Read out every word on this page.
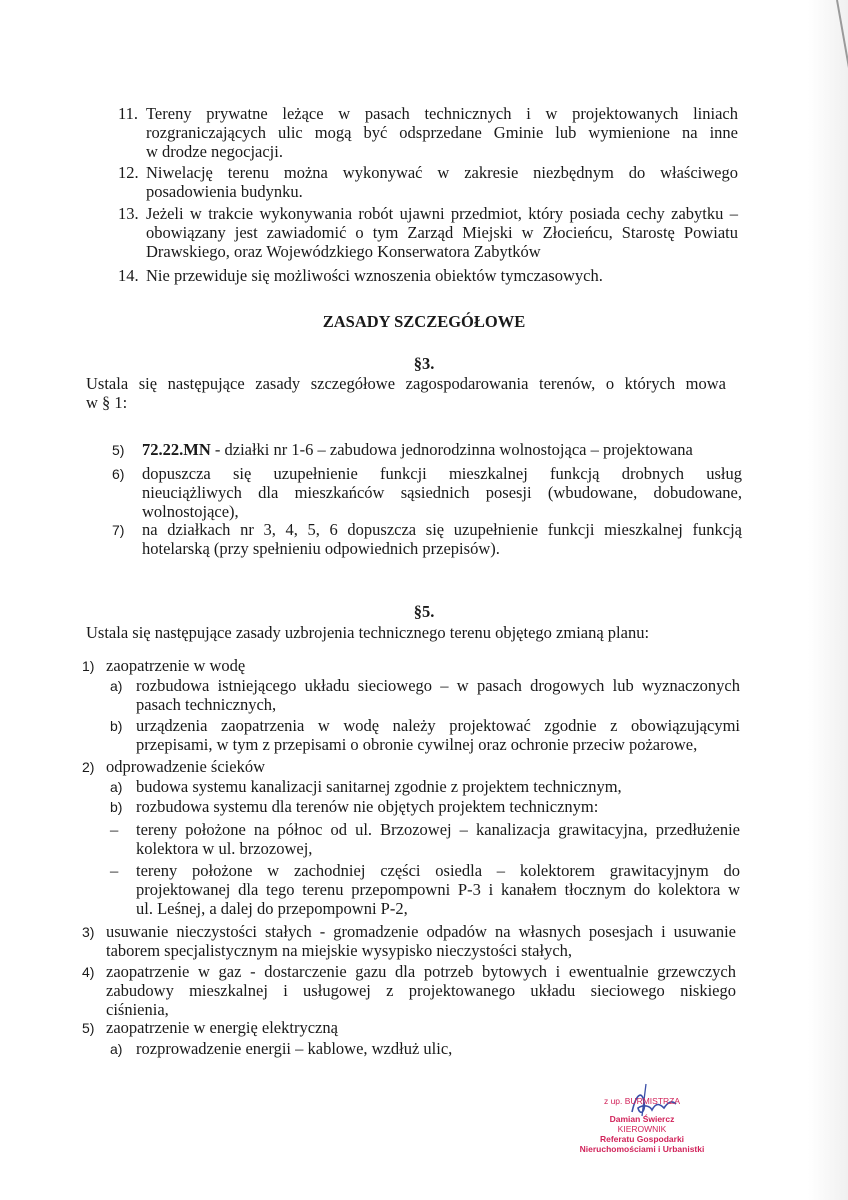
11. Tereny prywatne leżące w pasach technicznych i w projektowanych liniach
rozgraniczających ulic mogą być odsprzedane Gminie lub wymienione na inne
w drodze negocjacji.
12. Niwelację terenu można wykonywać w zakresie niezbędnym do właściwego
posadowienia budynku.
13. Jeżeli w trakcie wykonywania robót ujawni przedmiot, który posiada cechy zabytku –
obowiązany jest zawiadomić o tym Zarząd Miejski w Złocieńcu, Starostę Powiatu
Drawskiego, oraz Wojewódzkiego Konserwatora Zabytków
14. Nie przewiduje się możliwości wznoszenia obiektów tymczasowych.
ZASADY SZCZEGÓŁOWE
§3.
Ustala się następujące zasady szczegółowe zagospodarowania terenów, o których mowa
w § 1:
5) 72.22.MN - działki nr 1-6 – zabudowa jednorodzinna wolnostojąca – projektowana
6) dopuszcza się uzupełnienie funkcji mieszkalnej funkcją drobnych usług
nieuciążliwych dla mieszkańców sąsiednich posesji (wbudowane, dobudowane,
wolnostojące),
7) na działkach nr 3, 4, 5, 6 dopuszcza się uzupełnienie funkcji mieszkalnej funkcją
hotelarską (przy spełnieniu odpowiednich przepisów).
§5.
Ustala się następujące zasady uzbrojenia technicznego terenu objętego zmianą planu:
1) zaopatrzenie w wodę
a) rozbudowa istniejącego układu sieciowego – w pasach drogowych lub wyznaczonych
pasach technicznych,
b) urządzenia zaopatrzenia w wodę należy projektować zgodnie z obowiązującymi
przepisami, w tym z przepisami o obronie cywilnej oraz ochronie przeciw pożarowe,
2) odprowadzenie ścieków
a) budowa systemu kanalizacji sanitarnej zgodnie z projektem technicznym,
b) rozbudowa systemu dla terenów nie objętych projektem technicznym:
– tereny położone na północ od ul. Brzozowej – kanalizacja grawitacyjna, przedłużenie
kolektora w ul. brzozowej,
– tereny położone w zachodniej części osiedla – kolektorem grawitacyjnym do
projektowanej dla tego terenu przepompowni P-3 i kanałem tłocznym do kolektora w
ul. Leśnej, a dalej do przepompowni P-2,
3) usuwanie nieczystości stałych - gromadzenie odpadów na własnych posesjach i usuwanie
taborem specjalistycznym na miejskie wysypisko nieczystości stałych,
4) zaopatrzenie w gaz - dostarczenie gazu dla potrzeb bytowych i ewentualnie grzewczych
zabudowy mieszkalnej i usługowej z projektowanego układu sieciowego niskiego
ciśnienia,
5) zaopatrzenie w energię elektryczną
a) rozprowadzenie energii – kablowe, wzdłuż ulic,
z up. BURMISTRZA
Damian Świercz
KIEROWNIK
Referatu Gospodarki
Nieruchomościami i Urbanistki
